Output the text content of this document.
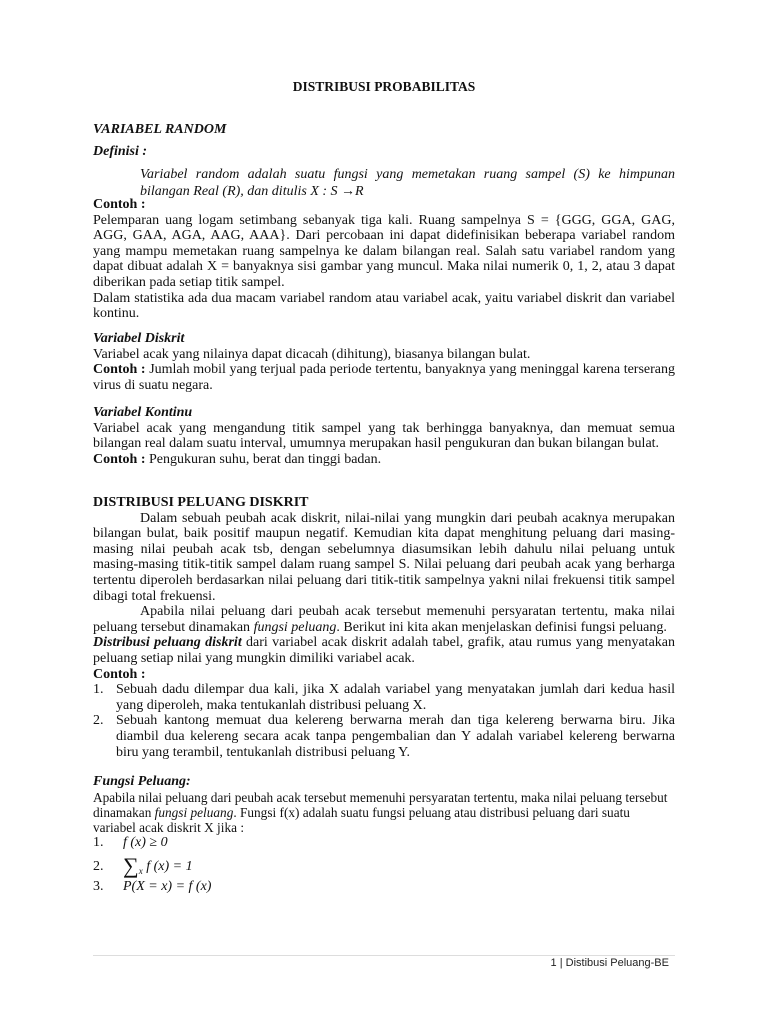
DISTRIBUSI PROBABILITAS
VARIABEL RANDOM
Definisi :

Variabel random adalah suatu fungsi yang memetakan ruang sampel (S) ke himpunan bilangan Real (R), dan ditulis X : S →R

Contoh :

Pelemparan uang logam setimbang sebanyak tiga kali. Ruang sampelnya S = {GGG, GGA, GAG, AGG, GAA, AGA, AAG, AAA}. Dari percobaan ini dapat didefinisikan beberapa variabel random yang mampu memetakan ruang sampelnya ke dalam bilangan real. Salah satu variabel random yang dapat dibuat adalah X = banyaknya sisi gambar yang muncul. Maka nilai numerik 0, 1, 2, atau 3 dapat diberikan pada setiap titik sampel.

Dalam statistika ada dua macam variabel random atau variabel acak, yaitu variabel diskrit dan variabel kontinu.

Variabel Diskrit

Variabel acak yang nilainya dapat dicacah (dihitung), biasanya bilangan bulat.

Contoh : Jumlah mobil yang terjual pada periode tertentu, banyaknya yang meninggal karena terserang virus di suatu negara.

Variabel Kontinu

Variabel acak yang mengandung titik sampel yang tak berhingga banyaknya, dan memuat semua bilangan real dalam suatu interval, umumnya merupakan hasil pengukuran dan bukan bilangan bulat.

Contoh : Pengukuran suhu, berat dan tinggi badan.

DISTRIBUSI PELUANG DISKRIT

Dalam sebuah peubah acak diskrit, nilai-nilai yang mungkin dari peubah acaknya merupakan bilangan bulat, baik positif maupun negatif. Kemudian kita dapat menghitung peluang dari masing-masing nilai peubah acak tsb, dengan sebelumnya diasumsikan lebih dahulu nilai peluang untuk masing-masing titik-titik sampel dalam ruang sampel S. Nilai peluang dari peubah acak yang berharga tertentu diperoleh berdasarkan nilai peluang dari titik-titik sampelnya yakni nilai frekuensi titik sampel dibagi total frekuensi.

Apabila nilai peluang dari peubah acak tersebut memenuhi persyaratan tertentu, maka nilai peluang tersebut dinamakan fungsi peluang. Berikut ini kita akan menjelaskan definisi fungsi peluang.

Distribusi peluang diskrit dari variabel acak diskrit adalah tabel, grafik, atau rumus yang menyatakan peluang setiap nilai yang mungkin dimiliki variabel acak.

Contoh :
1. Sebuah dadu dilempar dua kali, jika X adalah variabel yang menyatakan jumlah dari kedua hasil yang diperoleh, maka tentukanlah distribusi peluang X.
2. Sebuah kantong memuat dua kelereng berwarna merah dan tiga kelereng berwarna biru. Jika diambil dua kelereng secara acak tanpa pengembalian dan Y adalah variabel kelereng berwarna biru yang terambil, tentukanlah distribusi peluang Y.
Fungsi Peluang:

Apabila nilai peluang dari peubah acak tersebut memenuhi persyaratan tertentu, maka nilai peluang tersebut dinamakan fungsi peluang. Fungsi f(x) adalah suatu fungsi peluang atau distribusi peluang dari suatu variabel acak diskrit X jika :

1. f (x) ≥ 0
2. $\sum_x$ f (x) = 1
3. P(X = x) = f (x)
1 | Distibusi Peluang-BE
